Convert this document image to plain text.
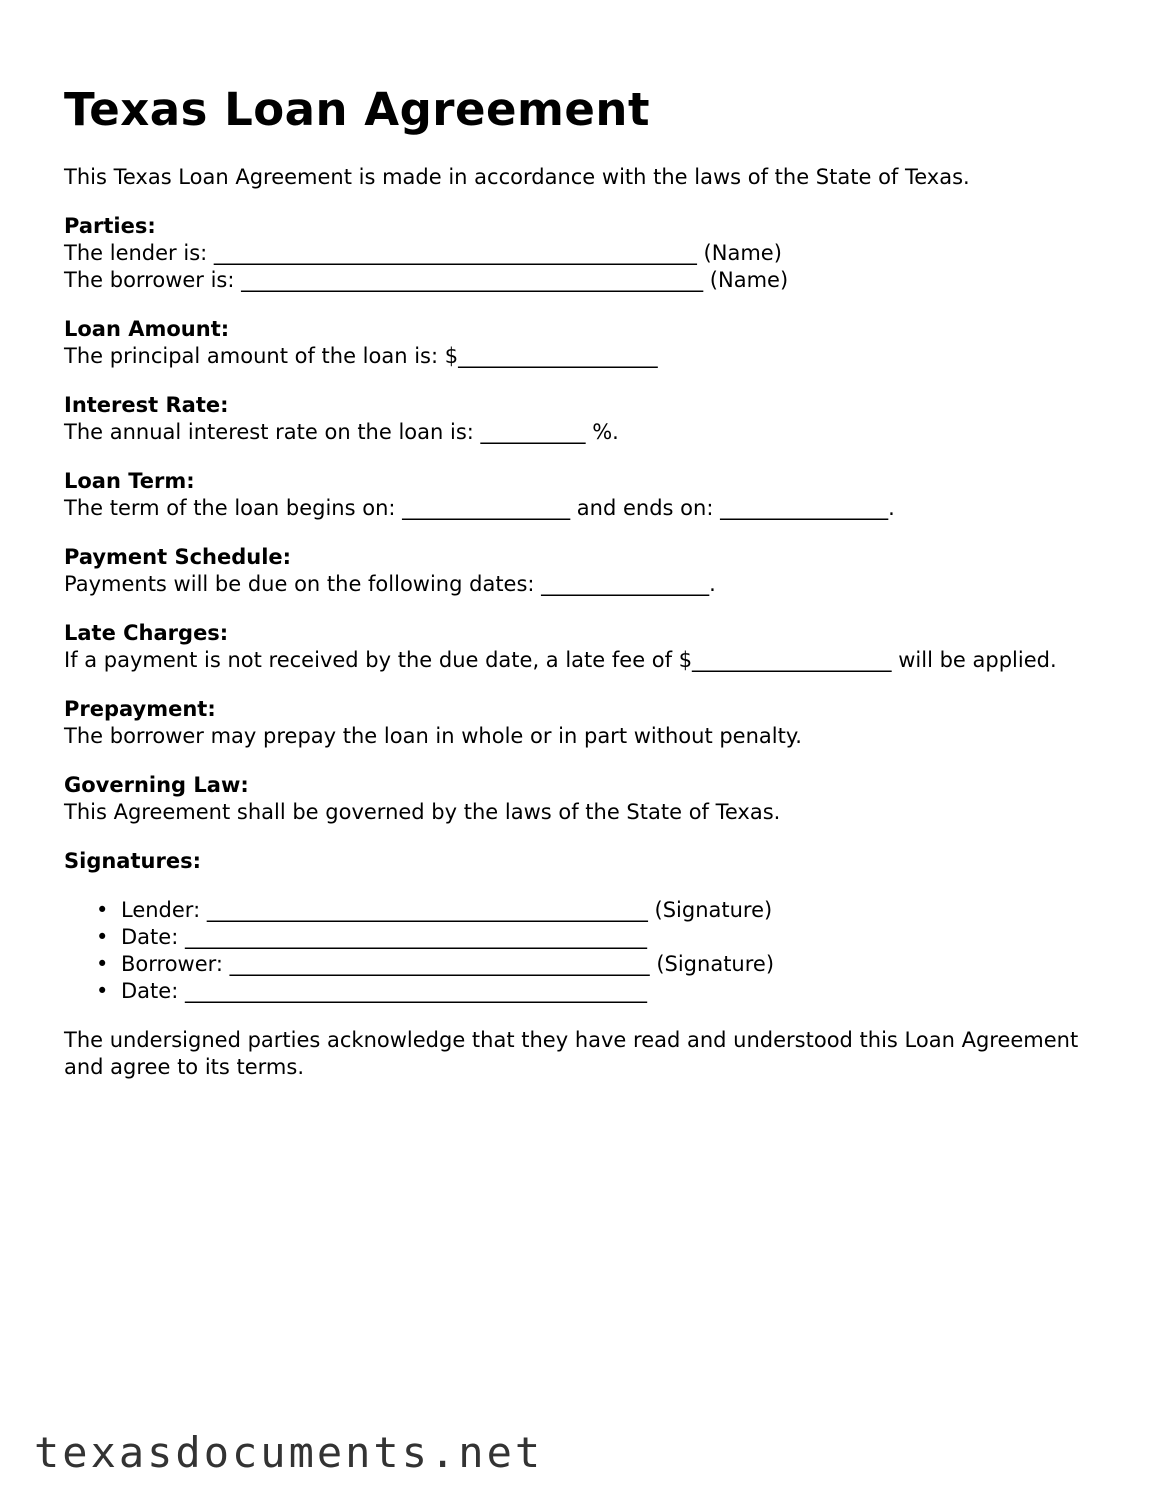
Texas Loan Agreement

This Texas Loan Agreement is made in accordance with the laws of the State of Texas.

Parties:
The lender is: ______________________________________________ (Name)
The borrower is: ____________________________________________ (Name)
Loan Amount:
The principal amount of the loan is: $___________________
Interest Rate:
The annual interest rate on the loan is: __________ %.
Loan Term:
The term of the loan begins on: ________________ and ends on: ________________.
Payment Schedule:
Payments will be due on the following dates: ________________.
Late Charges:
If a payment is not received by the due date, a late fee of $___________________ will be applied.
Prepayment:
The borrower may prepay the loan in whole or in part without penalty.
Governing Law:
This Agreement shall be governed by the laws of the State of Texas.
Signatures:
• Lender: __________________________________________ (Signature)
• Date: ____________________________________________
• Borrower: ________________________________________ (Signature)
• Date: ____________________________________________

The undersigned parties acknowledge that they have read and understood this Loan Agreement and agree to its terms.

texasdocuments.net
